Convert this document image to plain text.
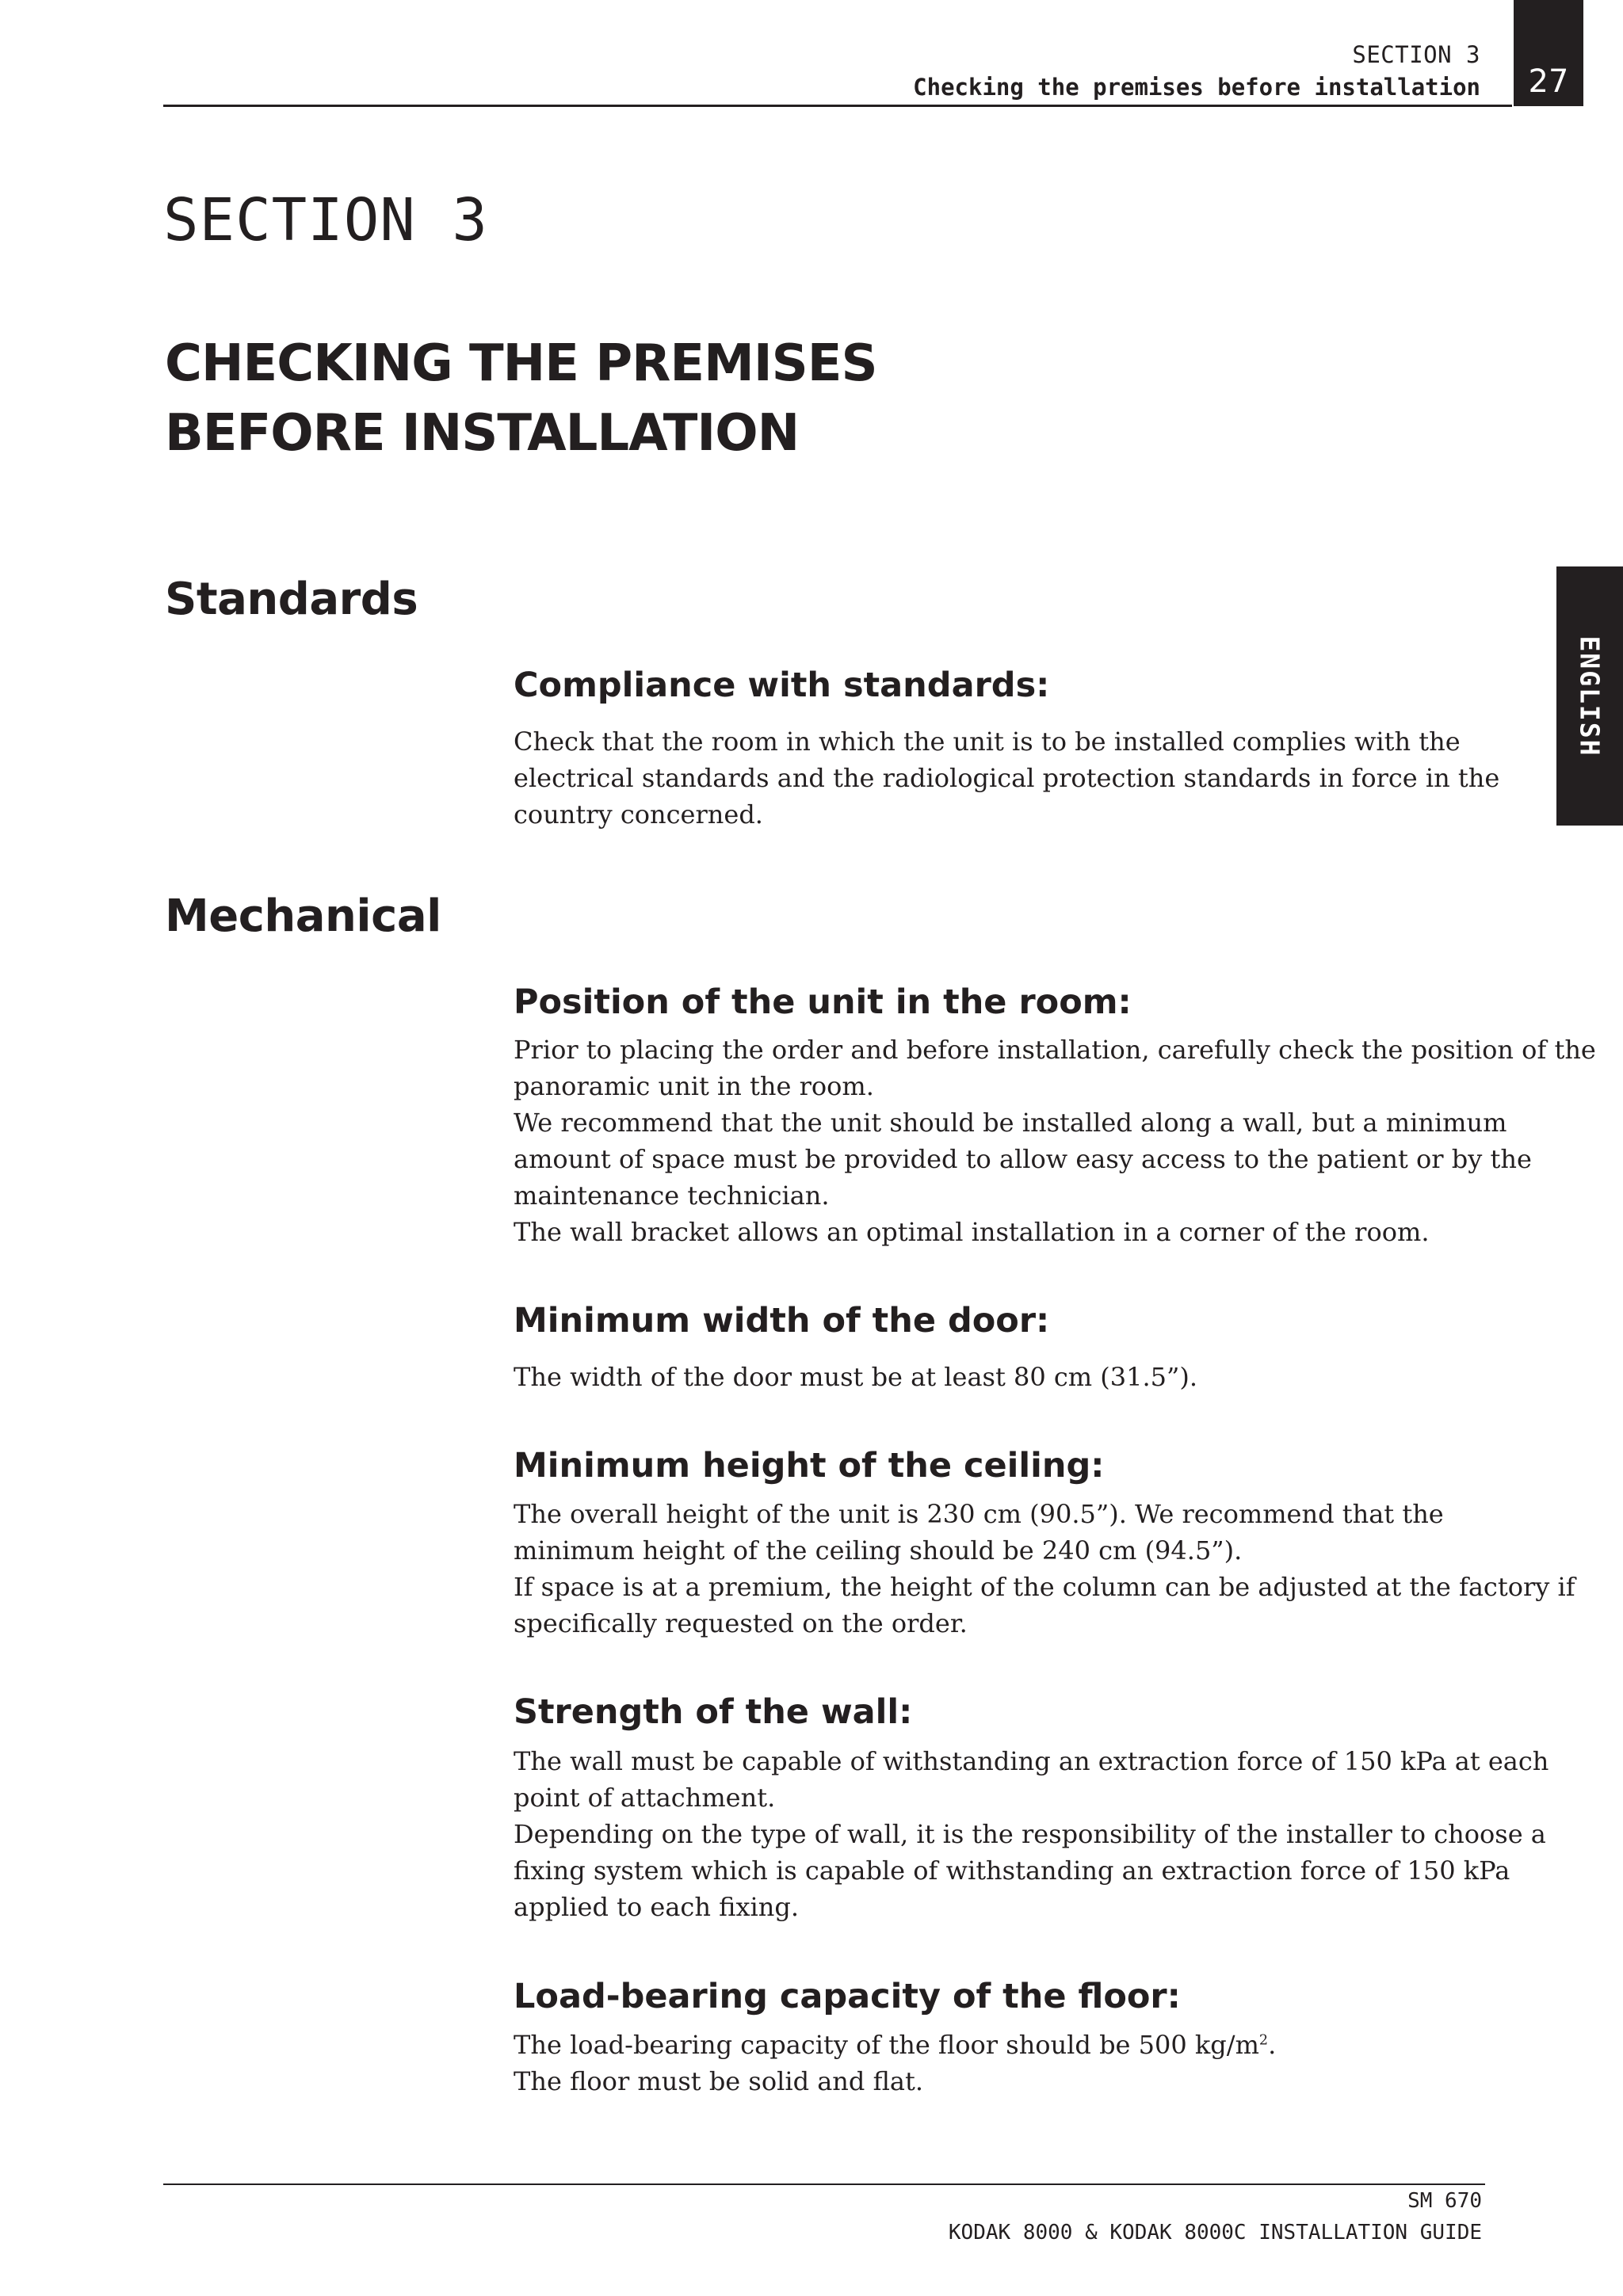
SECTION 3
Checking the premises before installation	27
ENGLISH
SECTION 3
CHECKING THE PREMISES
BEFORE INSTALLATION
Standards
Compliance with standards:
Check that the room in which the unit is to be installed complies with the
electrical standards and the radiological protection standards in force in the
country concerned.
Mechanical
Position of the unit in the room:
Prior to placing the order and before installation, carefully check the position of the
panoramic unit in the room.
We recommend that the unit should be installed along a wall, but a minimum
amount of space must be provided to allow easy access to the patient or by the
maintenance technician.
The wall bracket allows an optimal installation in a corner of the room.
Minimum width of the door:
The width of the door must be at least 80 cm (31.5”).
Minimum height of the ceiling:
The overall height of the unit is 230 cm (90.5”). We recommend that the
minimum height of the ceiling should be 240 cm (94.5”).
If space is at a premium, the height of the column can be adjusted at the factory if
specifically requested on the order.
Strength of the wall:
The wall must be capable of withstanding an extraction force of 150 kPa at each
point of attachment.
Depending on the type of wall, it is the responsibility of the installer to choose a
fixing system which is capable of withstanding an extraction force of 150 kPa
applied to each fixing.
Load-bearing capacity of the floor:
The load-bearing capacity of the floor should be 500 $kg/m^2$.
The floor must be solid and flat.
SM 670
KODAK 8000 & KODAK 8000C INSTALLATION GUIDE
